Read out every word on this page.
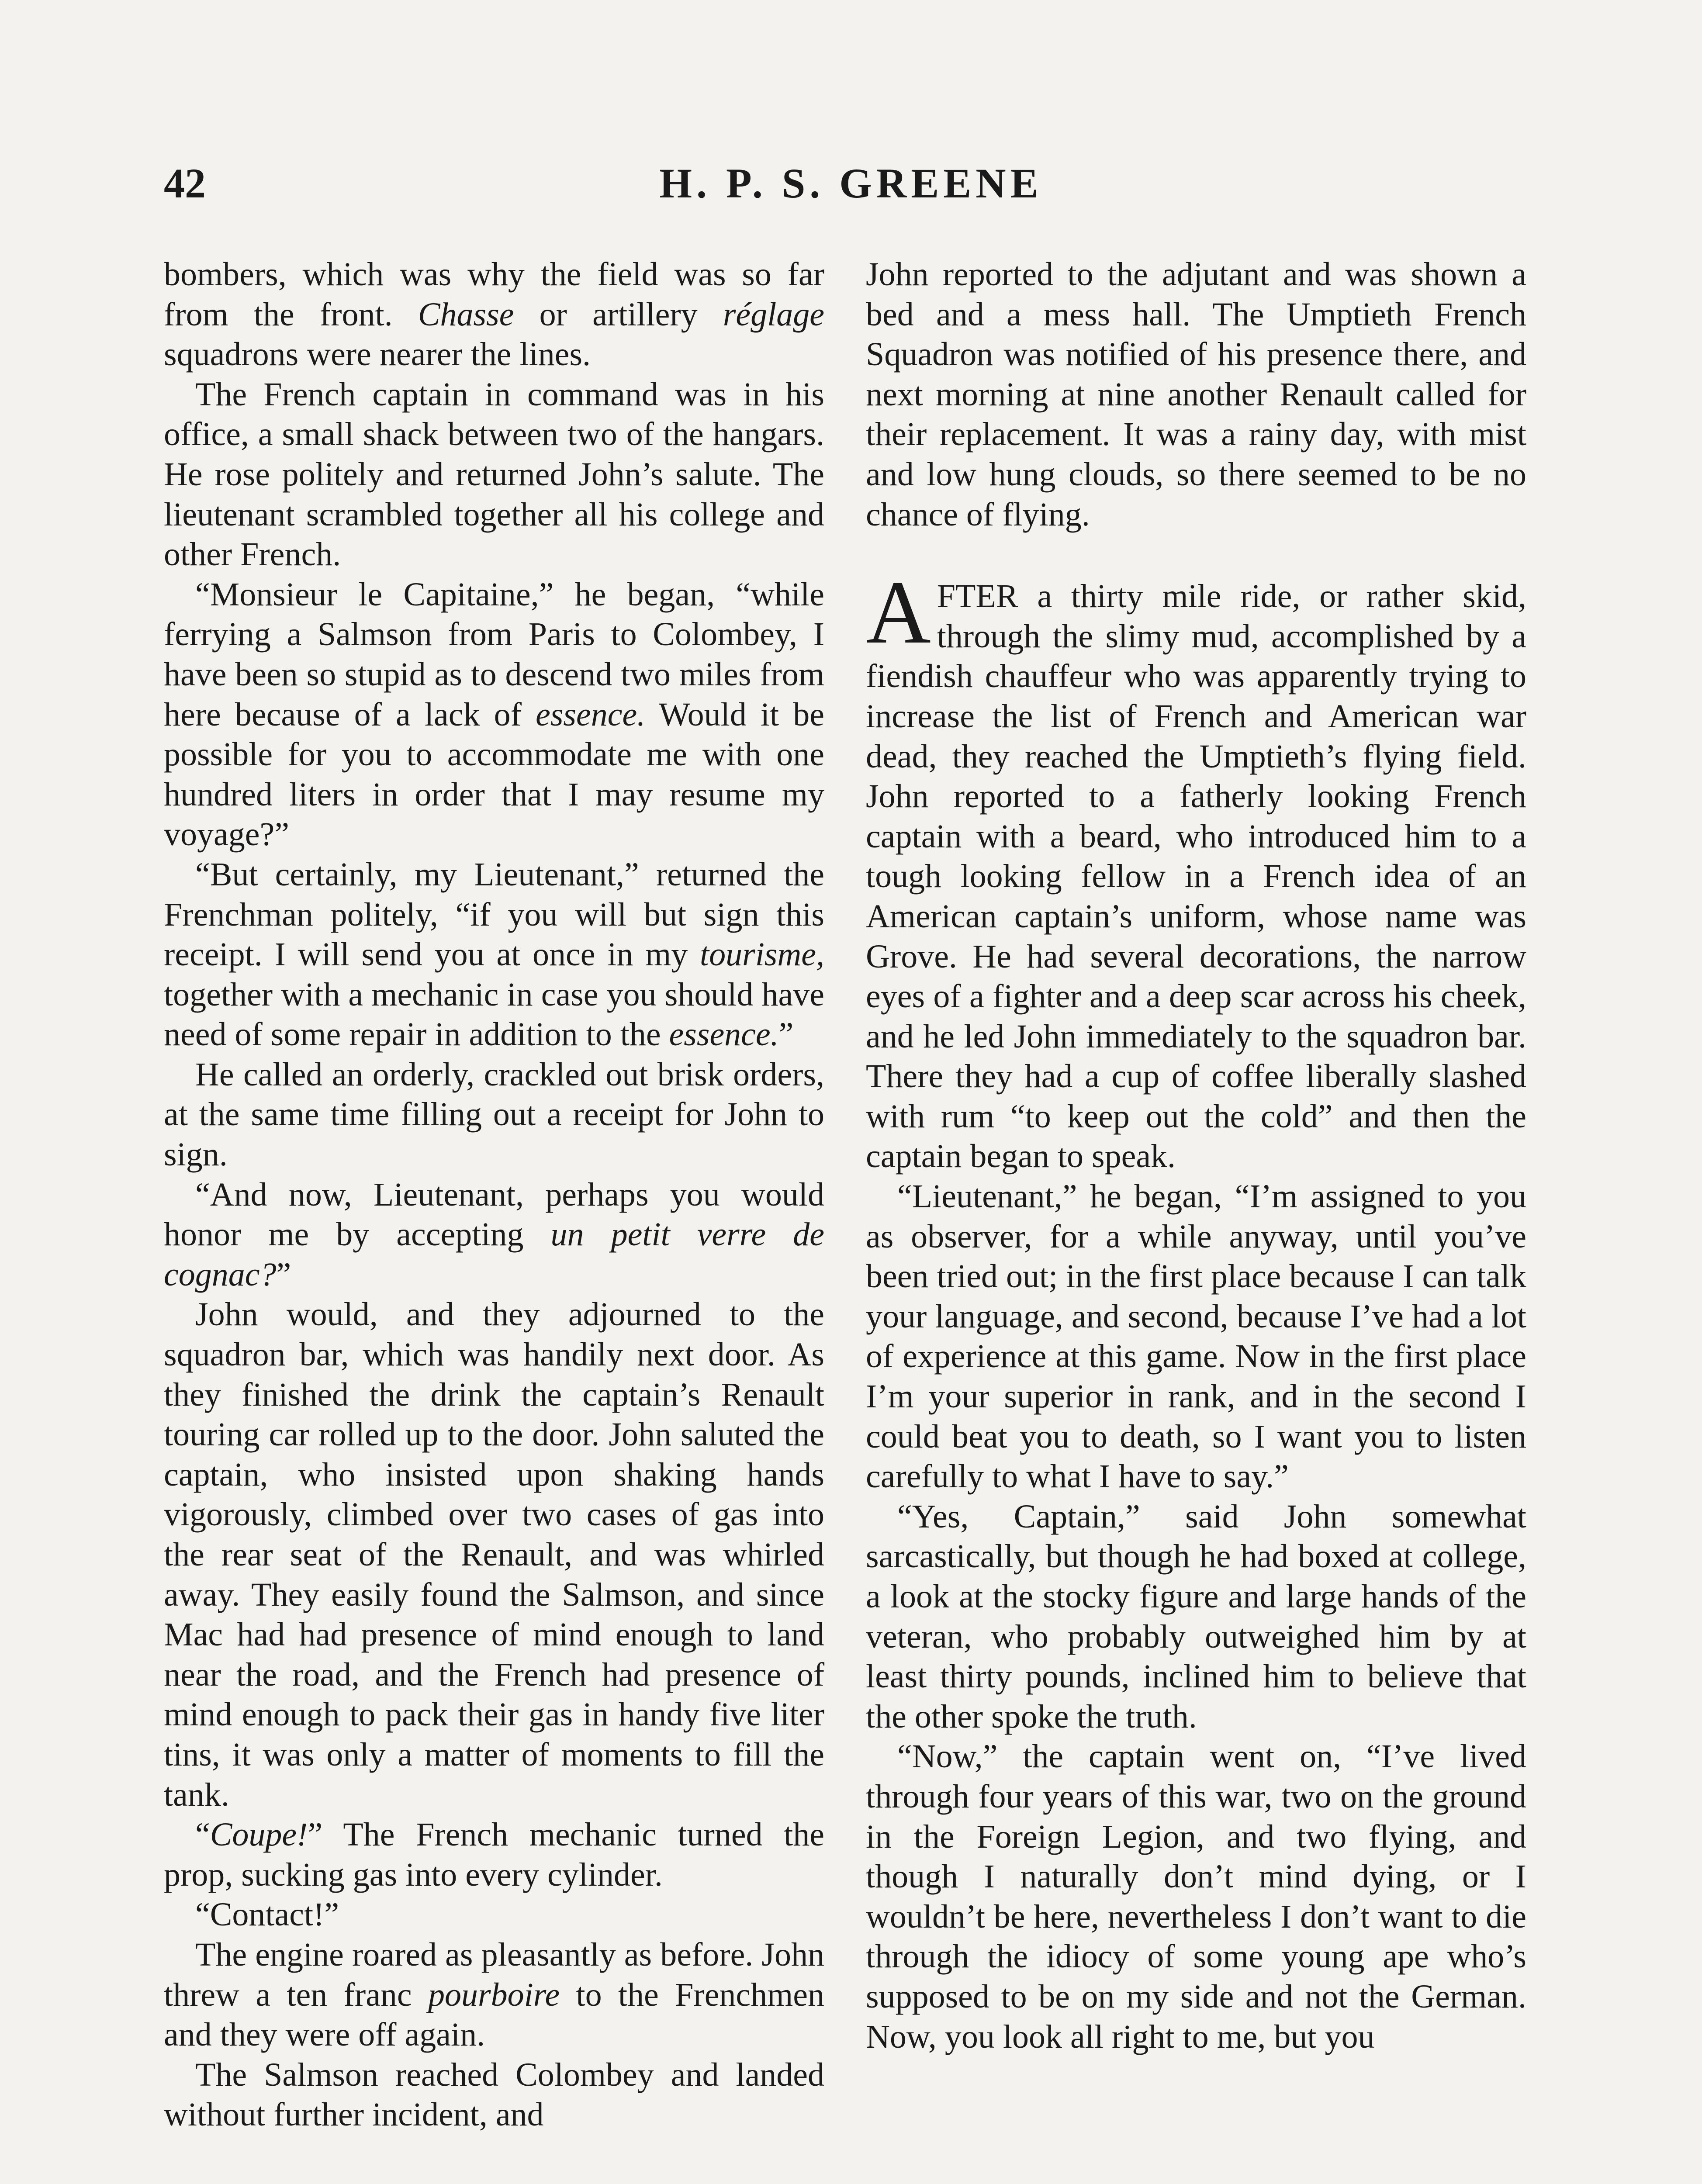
42	H. P. S. GREENE

bombers, which was why the field was so far from the front. Chasse or artillery réglage squadrons were nearer the lines.

The French captain in command was in his office, a small shack between two of the hangars. He rose politely and returned John’s salute. The lieutenant scrambled together all his college and other French.

“Monsieur le Capitaine,” he began, “while ferrying a Salmson from Paris to Colombey, I have been so stupid as to descend two miles from here because of a lack of essence. Would it be possible for you to accommodate me with one hundred liters in order that I may resume my voyage?”

“But certainly, my Lieutenant,” returned the Frenchman politely, “if you will but sign this receipt. I will send you at once in my tourisme, together with a mechanic in case you should have need of some repair in addition to the essence.”

He called an orderly, crackled out brisk orders, at the same time filling out a receipt for John to sign.

“And now, Lieutenant, perhaps you would honor me by accepting un petit verre de cognac?”

John would, and they adjourned to the squadron bar, which was handily next door. As they finished the drink the captain’s Renault touring car rolled up to the door. John saluted the captain, who insisted upon shaking hands vigorously, climbed over two cases of gas into the rear seat of the Renault, and was whirled away. They easily found the Salmson, and since Mac had had presence of mind enough to land near the road, and the French had presence of mind enough to pack their gas in handy five liter tins, it was only a matter of moments to fill the tank.

“Coupe!” The French mechanic turned the prop, sucking gas into every cylinder.

“Contact!”

The engine roared as pleasantly as before. John threw a ten franc pourboire to the Frenchmen and they were off again.

The Salmson reached Colombey and landed without further incident, and

John reported to the adjutant and was shown a bed and a mess hall. The Umptieth French Squadron was notified of his presence there, and next morning at nine another Renault called for their replacement. It was a rainy day, with mist and low hung clouds, so there seemed to be no chance of flying.

AFTER a thirty mile ride, or rather skid, through the slimy mud, accomplished by a fiendish chauffeur who was apparently trying to increase the list of French and American war dead, they reached the Umptieth’s flying field. John reported to a fatherly looking French captain with a beard, who introduced him to a tough looking fellow in a French idea of an American captain’s uniform, whose name was Grove. He had several decorations, the narrow eyes of a fighter and a deep scar across his cheek, and he led John immediately to the squadron bar. There they had a cup of coffee liberally slashed with rum “to keep out the cold” and then the captain began to speak.

“Lieutenant,” he began, “I’m assigned to you as observer, for a while anyway, until you’ve been tried out; in the first place because I can talk your language, and second, because I’ve had a lot of experience at this game. Now in the first place I’m your superior in rank, and in the second I could beat you to death, so I want you to listen carefully to what I have to say.”

“Yes, Captain,” said John somewhat sarcastically, but though he had boxed at college, a look at the stocky figure and large hands of the veteran, who probably outweighed him by at least thirty pounds, inclined him to believe that the other spoke the truth.

“Now,” the captain went on, “I’ve lived through four years of this war, two on the ground in the Foreign Legion, and two flying, and though I naturally don’t mind dying, or I wouldn’t be here, nevertheless I don’t want to die through the idiocy of some young ape who’s supposed to be on my side and not the German. Now, you look all right to me, but you
